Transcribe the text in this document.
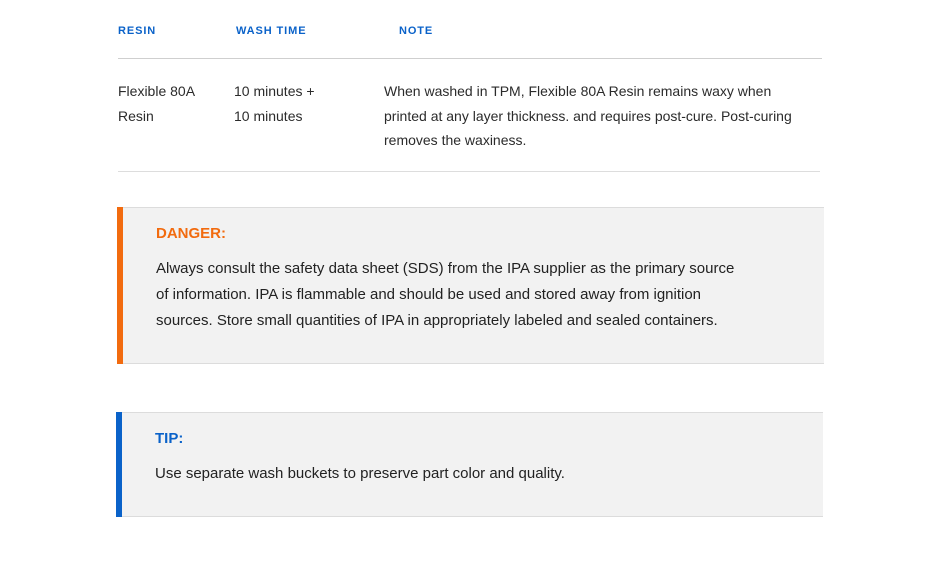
RESIN	WASH TIME	NOTE
Flexible 80A
Resin
10 minutes +
10 minutes
When washed in TPM, Flexible 80A Resin remains waxy when
printed at any layer thickness. and requires post-cure. Post-curing
removes the waxiness.
DANGER:
Always consult the safety data sheet (SDS) from the IPA supplier as the primary source
of information. IPA is flammable and should be used and stored away from ignition
sources. Store small quantities of IPA in appropriately labeled and sealed containers.
TIP:
Use separate wash buckets to preserve part color and quality.
